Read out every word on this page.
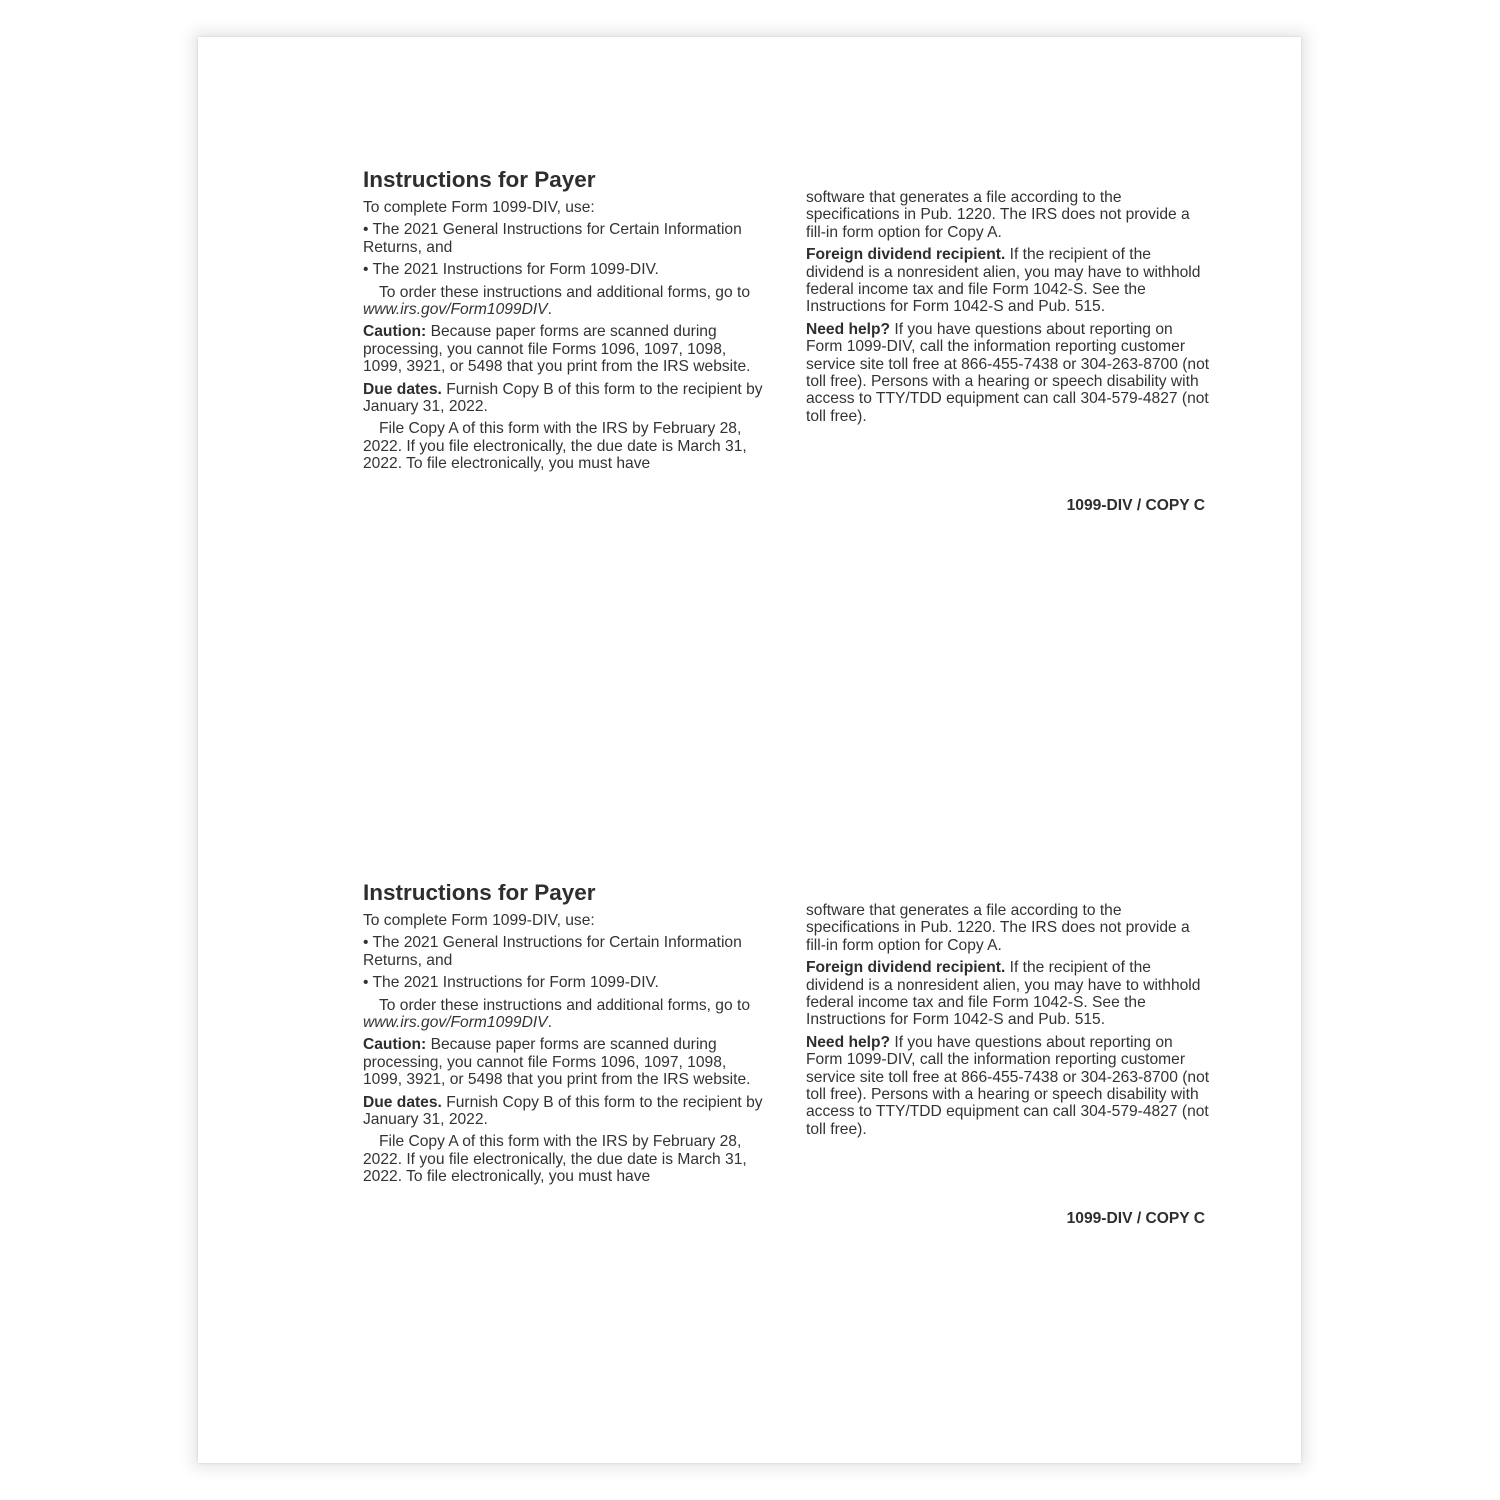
Instructions for Payer

To complete Form 1099-DIV, use:

• The 2021 General Instructions for Certain Information Returns, and

• The 2021 Instructions for Form 1099-DIV.

To order these instructions and additional forms, go to www.irs.gov/Form1099DIV.

Caution: Because paper forms are scanned during processing, you cannot file Forms 1096, 1097, 1098, 1099, 3921, or 5498 that you print from the IRS website.

Due dates. Furnish Copy B of this form to the recipient by January 31, 2022.

File Copy A of this form with the IRS by February 28, 2022. If you file electronically, the due date is March 31, 2022. To file electronically, you must have

software that generates a file according to the specifications in Pub. 1220. The IRS does not provide a fill-in form option for Copy A.

Foreign dividend recipient. If the recipient of the dividend is a nonresident alien, you may have to withhold federal income tax and file Form 1042-S. See the Instructions for Form 1042-S and Pub. 515.

Need help? If you have questions about reporting on Form 1099-DIV, call the information reporting customer service site toll free at 866-455-7438 or 304-263-8700 (not toll free). Persons with a hearing or speech disability with access to TTY/TDD equipment can call 304-579-4827 (not toll free).

1099-DIV / COPY C
Instructions for Payer

To complete Form 1099-DIV, use:

• The 2021 General Instructions for Certain Information Returns, and

• The 2021 Instructions for Form 1099-DIV.

To order these instructions and additional forms, go to www.irs.gov/Form1099DIV.

Caution: Because paper forms are scanned during processing, you cannot file Forms 1096, 1097, 1098, 1099, 3921, or 5498 that you print from the IRS website.

Due dates. Furnish Copy B of this form to the recipient by January 31, 2022.

File Copy A of this form with the IRS by February 28, 2022. If you file electronically, the due date is March 31, 2022. To file electronically, you must have

software that generates a file according to the specifications in Pub. 1220. The IRS does not provide a fill-in form option for Copy A.

Foreign dividend recipient. If the recipient of the dividend is a nonresident alien, you may have to withhold federal income tax and file Form 1042-S. See the Instructions for Form 1042-S and Pub. 515.

Need help? If you have questions about reporting on Form 1099-DIV, call the information reporting customer service site toll free at 866-455-7438 or 304-263-8700 (not toll free). Persons with a hearing or speech disability with access to TTY/TDD equipment can call 304-579-4827 (not toll free).

1099-DIV / COPY C
